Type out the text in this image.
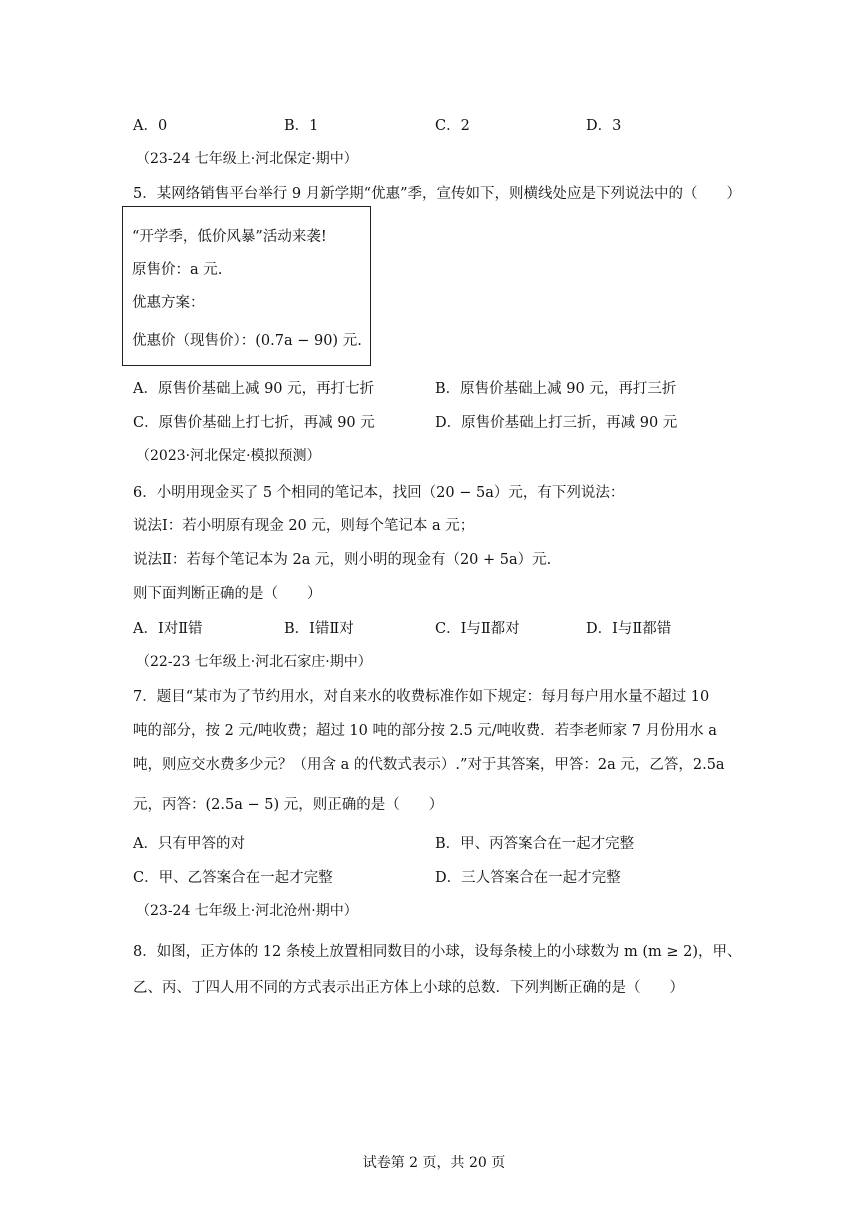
A．0	B．1	C．2	D．3
（23-24 七年级上·河北保定·期中）
5．某网络销售平台举行 9 月新学期“优惠”季，宣传如下，则横线处应是下列说法中的（　　）
“开学季，低价风暴”活动来袭!
原售价：a 元.
优惠方案：
优惠价（现售价）：(0.7a − 90) 元.
A．原售价基础上减 90 元，再打七折	B．原售价基础上减 90 元，再打三折
C．原售价基础上打七折，再减 90 元	D．原售价基础上打三折，再减 90 元
（2023·河北保定·模拟预测）
6．小明用现金买了 5 个相同的笔记本，找回（20 − 5a）元，有下列说法：
说法Ⅰ：若小明原有现金 20 元，则每个笔记本 a 元；
说法Ⅱ：若每个笔记本为 2a 元，则小明的现金有（20 + 5a）元.
则下面判断正确的是（　　）
A．Ⅰ对Ⅱ错	B．Ⅰ错Ⅱ对	C．Ⅰ与Ⅱ都对	D．Ⅰ与Ⅱ都错
（22-23 七年级上·河北石家庄·期中）
7．题目“某市为了节约用水，对自来水的收费标准作如下规定：每月每户用水量不超过 10
吨的部分，按 2 元/吨收费；超过 10 吨的部分按 2.5 元/吨收费．若李老师家 7 月份用水 a
吨，则应交水费多少元？（用含 a 的代数式表示）.”对于其答案，甲答：2a 元，乙答，2.5a
元，丙答：(2.5a − 5) 元，则正确的是（　　）
A．只有甲答的对	B．甲、丙答案合在一起才完整
C．甲、乙答案合在一起才完整	D．三人答案合在一起才完整
（23-24 七年级上·河北沧州·期中）
8．如图，正方体的 12 条棱上放置相同数目的小球，设每条棱上的小球数为 m (m ≥ 2)，甲、
乙、丙、丁四人用不同的方式表示出正方体上小球的总数．下列判断正确的是（　　）
试卷第 2 页，共 20 页
